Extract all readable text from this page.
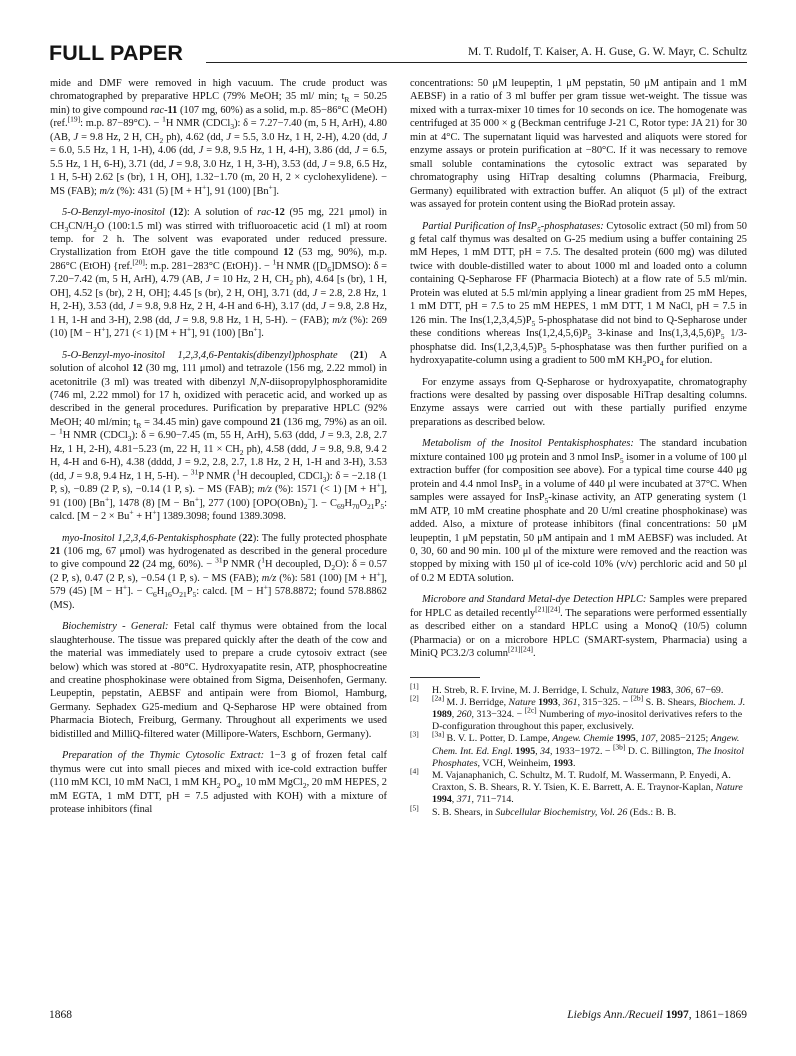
FULL PAPER	M. T. Rudolf, T. Kaiser, A. H. Guse, G. W. Mayr, C. Schultz

mide and DMF were removed in high vacuum. The crude product was chromatographed by preparative HPLC (79% MeOH; 35 ml/ min; $t_R = 50.25$ min) to give compound rac-11 (107 mg, 60%) as a solid, m.p. 85−86°C (MeOH) (ref.[19]: m.p. 87−89°C). − $^1$H NMR (CDCl$_3$): δ = 7.27−7.40 (m, 5 H, ArH), 4.80 (AB, J = 9.8 Hz, 2 H, $CH_2$ ph), 4.62 (dd, J = 5.5, 3.0 Hz, 1 H, 2-H), 4.20 (dd, J = 6.0, 5.5 Hz, 1 H, 1-H), 4.06 (dd, J = 9.8, 9.5 Hz, 1 H, 4-H), 3.86 (dd, J = 6.5, 5.5 Hz, 1 H, 6-H), 3.71 (dd, J = 9.8, 3.0 Hz, 1 H, 3-H), 3.53 (dd, J = 9.8, 6.5 Hz, 1 H, 5-H) 2.62 [s (br), 1 H, OH], 1.32−1.70 (m, 20 H, 2 × cyclohexylidene). − MS (FAB); m/z (%): 431 (5) [M + H+], 91 (100) [Bn+].

5-O-Benzyl-myo-inositol (12): A solution of rac-12 (95 mg, 221 μmol) in $CH_3CN/H_2O$ (100:1.5 ml) was stirred with trifluoroacetic acid (1 ml) at room temp. for 2 h. The solvent was evaporated under reduced pressure. Crystallization from EtOH gave the title compound 12 (53 mg, 90%), m.p. 286°C (EtOH) {ref.[20]: m.p. 281−283°C (EtOH)}. − $^1$H NMR $([D_6]DMSO)$: δ = 7.20−7.42 (m, 5 H, ArH), 4.79 (AB, J = 10 Hz, 2 H, $CH_2$ ph), 4.64 [s (br), 1 H, OH], 4.52 [s (br), 2 H, OH]; 4.45 [s (br), 2 H, OH], 3.71 (dd, J = 2.8, 2.8 Hz, 1 H, 2-H), 3.53 (dd, J = 9.8, 9.8 Hz, 2 H, 4-H and 6-H), 3.17 (dd, J = 9.8, 2.8 Hz, 1 H, 1-H and 3-H), 2.98 (dd, J = 9.8, 9.8 Hz, 1 H, 5-H). − (FAB); m/z (%): 269 (10) [M − H+], 271 (< 1) [M + H+], 91 (100) [Bn+].

5-O-Benzyl-myo-inositol 1,2,3,4,6-Pentakis(dibenzyl)phosphate (21) A solution of alcohol 12 (30 mg, 111 μmol) and tetrazole (156 mg, 2.22 mmol) in acetonitrile (3 ml) was treated with dibenzyl N,N-diisopropylphosphoramidite (746 ml, 2.22 mmol) for 17 h, oxidized with peracetic acid, and worked up as described in the general procedures. Purification by preparative HPLC (92% MeOH; 40 ml/min; $t_R = 34.45$ min) gave compound 21 (136 mg, 79%) as an oil. − $^1$H NMR (CDCl$_3$): δ = 6.90−7.45 (m, 55 H, ArH), 5.63 (ddd, J = 9.3, 2.8, 2.7 Hz, 1 H, 2-H), 4.81−5.23 (m, 22 H, $11 \times CH_2$ ph), 4.58 (ddd, J = 9.8, 9.8, 9.4 2 H, 4-H and 6-H), 4.38 (dddd, J = 9.2, 2.8, 2.7, 1.8 Hz, 2 H, 1-H and 3-H), 3.53 (dd, J = 9.8, 9.4 Hz, 1 H, 5-H). − $^{31}$P NMR ($^1$H decoupled, CDCl$_3$): δ = −2.18 (1 P, s), −0.89 (2 P, s), −0.14 (1 P, s). − MS (FAB); m/z (%): 1571 (< 1) [M + H+], 91 (100) [Bn+], 1478 (8) [M − Bn+], 277 (100) $[OPO(OBn)_2^-]$. − $C_{69}H_{70}O_{21}P_5$: calcd. [M − 2 × Bu+ + H+] 1389.3098; found 1389.3098.

myo-Inositol 1,2,3,4,6-Pentakisphosphate (22): The fully protected phosphate 21 (106 mg, 67 μmol) was hydrogenated as described in the general procedure to give compound 22 (24 mg, 60%). − $^{31}$P NMR ($^1$H decoupled, $D_2O$): δ = 0.57 (2 P, s), 0.47 (2 P, s), −0.54 (1 P, s). − MS (FAB); m/z (%): 581 (100) [M + H+], 579 (45) [M − H+]. − $C_6H_{16}O_{21}P_5$: calcd. [M − H+] 578.8872; found 578.8862 (MS).

Biochemistry - General: Fetal calf thymus were obtained from the local slaughterhouse. The tissue was prepared quickly after the death of the cow and the material was immediately used to prepare a crude cytosoiv extract (see below) which was stored at -80°C. Hydroxyapatite resin, ATP, phosphocreatine and creatine phosphokinase were obtained from Sigma, Deisenhofen, Germany. Leupeptin, pepstatin, AEBSF and antipain were from Biomol, Hamburg, Germany. Sephadex G25-medium and Q-Sepharose HP were obtained from Pharmacia Biotech, Freiburg, Germany. Throughout all experiments we used bidistilled and MilliQ-filtered water (Millipore-Waters, Eschborn, Germany).

Preparation of the Thymic Cytosolic Extract: 1−3 g of frozen fetal calf thymus were cut into small pieces and mixed with ice-cold extraction buffer (110 mM KCl, 10 mM NaCl, 1 mM $KH_2$ $PO_4$, 10 mM MgCl$_2$, 20 mM HEPES, 2 mM EGTA, 1 mM DTT, pH = 7.5 adjusted with KOH) with a mixture of protease inhibitors (final

concentrations: 50 μM leupeptin, 1 μM pepstatin, 50 μM antipain and 1 mM AEBSF) in a ratio of 3 ml buffer per gram tissue wet-weight. The tissue was mixed with a turrax-mixer 10 times for 10 seconds on ice. The homogenate was centrifuged at 35 000 × g (Beckman centrifuge J-21 C, Rotor type: JA 21) for 30 min at 4°C. The supernatant liquid was harvested and aliquots were stored for enzyme assays or protein purification at −80°C. If it was necessary to remove small soluble contaminations the cytosolic extract was separated by chromatography using HiTrap desalting columns (Pharmacia, Freiburg, Germany) equilibrated with extraction buffer. An aliquot (5 μl) of the extract was assayed for protein content using the BioRad protein assay.

Partial Purification of InsP$_5$-phosphatases: Cytosolic extract (50 ml) from 50 g fetal calf thymus was desalted on G-25 medium using a buffer containing 25 mM Hepes, 1 mM DTT, pH = 7.5. The desalted protein (600 mg) was diluted twice with double-distilled water to about 1000 ml and loaded onto a column containing Q-Sepharose FF (Pharmacia Biotech) at a flow rate of 5.5 ml/min. Protein was eluted at 5.5 ml/min applying a linear gradient from 25 mM Hepes, 1 mM DTT, pH = 7.5 to 25 mM HEPES, 1 mM DTT, 1 M NaCl, pH = 7.5 in 126 min. The $Ins(1,2,3,4,5)P_5$ 5-phosphatase did not bind to Q-Sepharose under these conditions whereas $Ins(1,2,4,5,6)P_5$ 3-kinase and $Ins(1,3,4,5,6)P_5$ 1/3-phosphatse did. $Ins(1,2,3,4,5)P_5$ 5-phosphatase was then further purified on a hydroxyapatite-column using a gradient to 500 mM $KH_2PO_4$ for elution.

For enzyme assays from Q-Sepharose or hydroxyapatite, chromatography fractions were desalted by passing over disposable HiTrap desalting columns. Enzyme assays were carried out with these partially purified enzyme preparations as described below.

Metabolism of the Inositol Pentakisphosphates: The standard incubation mixture contained 100 μg protein and 3 nmol InsP$_5$ isomer in a volume of 100 μl extraction buffer (for composition see above). For a typical time course 440 μg protein and 4.4 nmol InsP$_5$ in a volume of 440 μl were incubated at 37°C. When samples were assayed for InsP$_5$-kinase activity, an ATP generating system (1 mM ATP, 10 mM creatine phosphate and 20 U/ml creatine phosphokinase) was added. Also, a mixture of protease inhibitors (final concentrations: 50 μM leupeptin, 1 μM pepstatin, 50 μM antipain and 1 mM AEBSF) was included. At 0, 30, 60 and 90 min. 100 μl of the mixture were removed and the reaction was stopped by mixing with 150 μl of ice-cold 10% (v/v) perchloric acid and 50 μl of 0.2 M EDTA solution.

Microbore and Standard Metal-dye Detection HPLC: Samples were prepared for HPLC as detailed recently[21][24]. The separations were performed essentially as described either on a standard HPLC using a MonoQ (10/5) column (Pharmacia) or on a microbore HPLC (SMART-system, Pharmacia) using a MiniQ PC3.2/3 column[21][24].

[1] H. Streb, R. F. Irvine, M. J. Berridge, I. Schulz, Nature 1983, 306, 67−69.
[2] [2a] M. J. Berridge, Nature 1993, 361, 315−325. − [2b] S. B. Shears, Biochem. J. 1989, 260, 313−324. − [2c] Numbering of myo-inositol derivatives refers to the D-configuration throughout this paper, exclusively.
[3] [3a] B. V. L. Potter, D. Lampe, Angew. Chemie 1995, 107, 2085−2125; Angew. Chem. Int. Ed. Engl. 1995, 34, 1933−1972. − [3b] D. C. Billington, The Inositol Phosphates, VCH, Weinheim, 1993.
[4] M. Vajanaphanich, C. Schultz, M. T. Rudolf, M. Wassermann, P. Enyedi, A. Craxton, S. B. Shears, R. Y. Tsien, K. E. Barrett, A. E. Traynor-Kaplan, Nature 1994, 371, 711−714.
[5] S. B. Shears, in Subcellular Biochemistry, Vol. 26 (Eds.: B. B.
1868	Liebigs Ann./Recueil 1997, 1861−1869
